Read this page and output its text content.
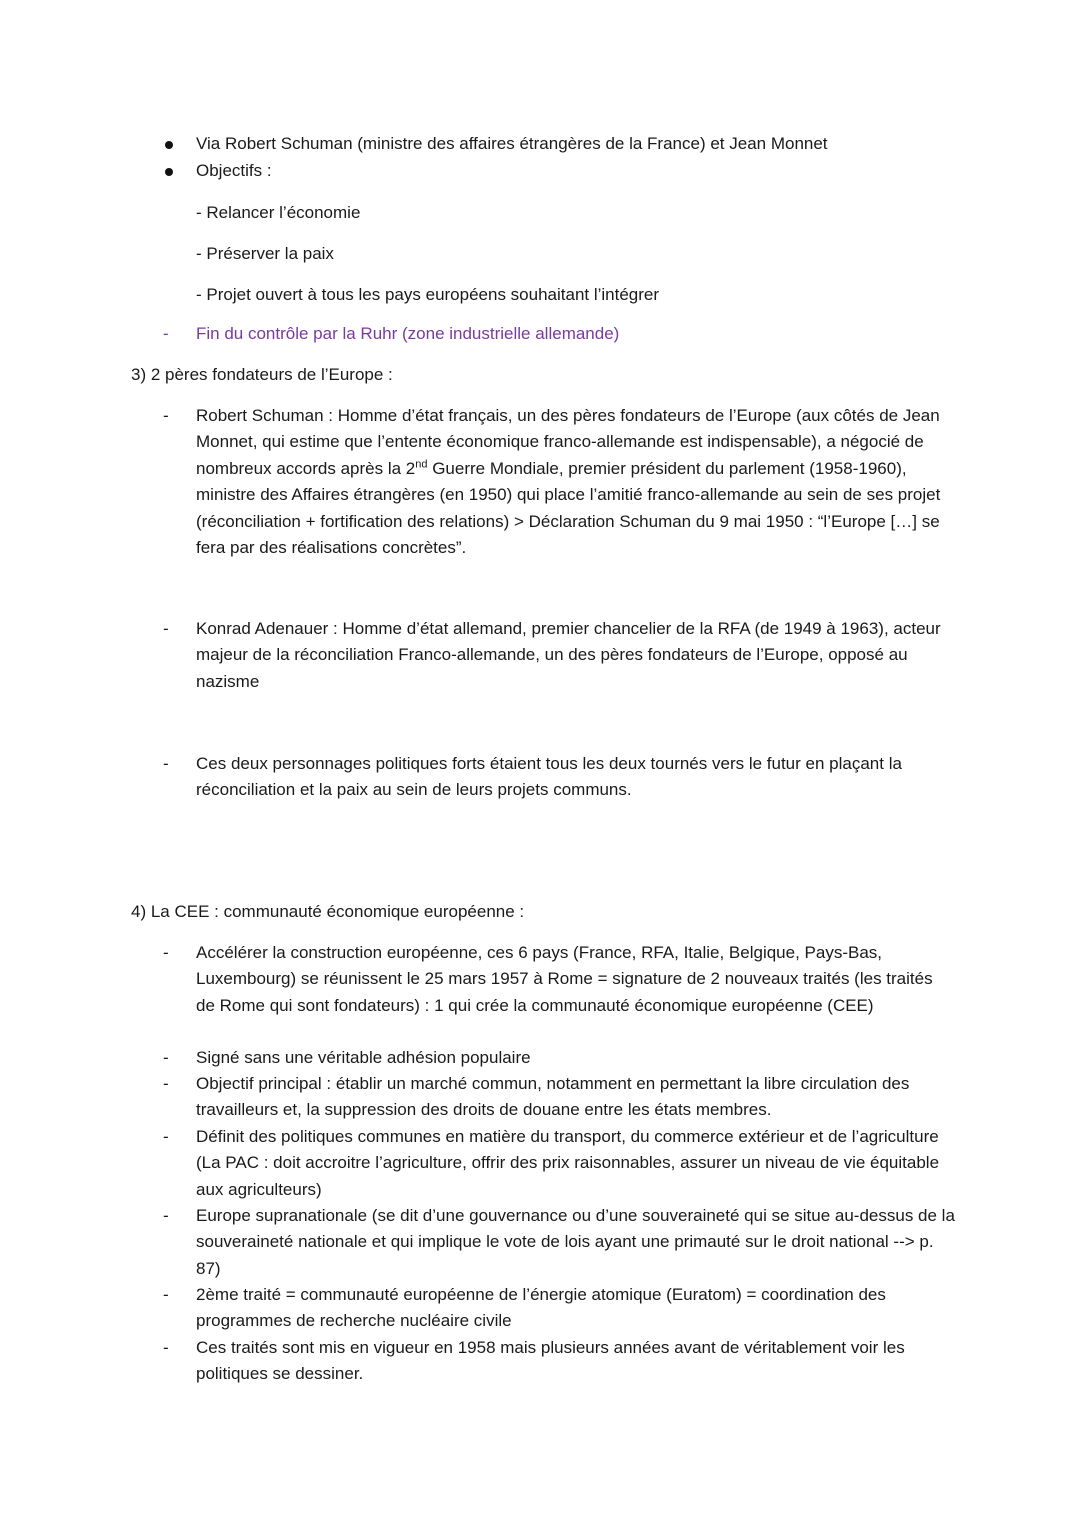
Via Robert Schuman (ministre des affaires étrangères de la France) et Jean Monnet
Objectifs :
- Relancer l’économie
- Préserver la paix
- Projet ouvert à tous les pays européens souhaitant l’intégrer
- Fin du contrôle par la Ruhr (zone industrielle allemande)
3) 2 pères fondateurs de l’Europe :
- Robert Schuman : Homme d’état français, un des pères fondateurs de l’Europe (aux côtés de Jean Monnet, qui estime que l’entente économique franco-allemande est indispensable), a négocié de nombreux accords après la 2nd Guerre Mondiale, premier président du parlement (1958-1960), ministre des Affaires étrangères (en 1950) qui place l’amitié franco-allemande au sein de ses projet (réconciliation + fortification des relations) > Déclaration Schuman du 9 mai 1950 : “l’Europe […] se fera par des réalisations concrètes”.
- Konrad Adenauer : Homme d’état allemand, premier chancelier de la RFA (de 1949 à 1963), acteur majeur de la réconciliation Franco-allemande, un des pères fondateurs de l’Europe, opposé au nazisme
- Ces deux personnages politiques forts étaient tous les deux tournés vers le futur en plaçant la réconciliation et la paix au sein de leurs projets communs.
4) La CEE : communauté économique européenne :
- Accélérer la construction européenne, ces 6 pays (France, RFA, Italie, Belgique, Pays-Bas, Luxembourg) se réunissent le 25 mars 1957 à Rome = signature de 2 nouveaux traités (les traités de Rome qui sont fondateurs) : 1 qui crée la communauté économique européenne (CEE)
- Signé sans une véritable adhésion populaire
- Objectif principal : établir un marché commun, notamment en permettant la libre circulation des travailleurs et, la suppression des droits de douane entre les états membres.
- Définit des politiques communes en matière du transport, du commerce extérieur et de l’agriculture (La PAC : doit accroitre l’agriculture, offrir des prix raisonnables, assurer un niveau de vie équitable aux agriculteurs)
- Europe supranationale (se dit d’une gouvernance ou d’une souveraineté qui se situe au-dessus de la souveraineté nationale et qui implique le vote de lois ayant une primauté sur le droit national --> p. 87)
- 2ème traité = communauté européenne de l’énergie atomique (Euratom) = coordination des programmes de recherche nucléaire civile
- Ces traités sont mis en vigueur en 1958 mais plusieurs années avant de véritablement voir les politiques se dessiner.
